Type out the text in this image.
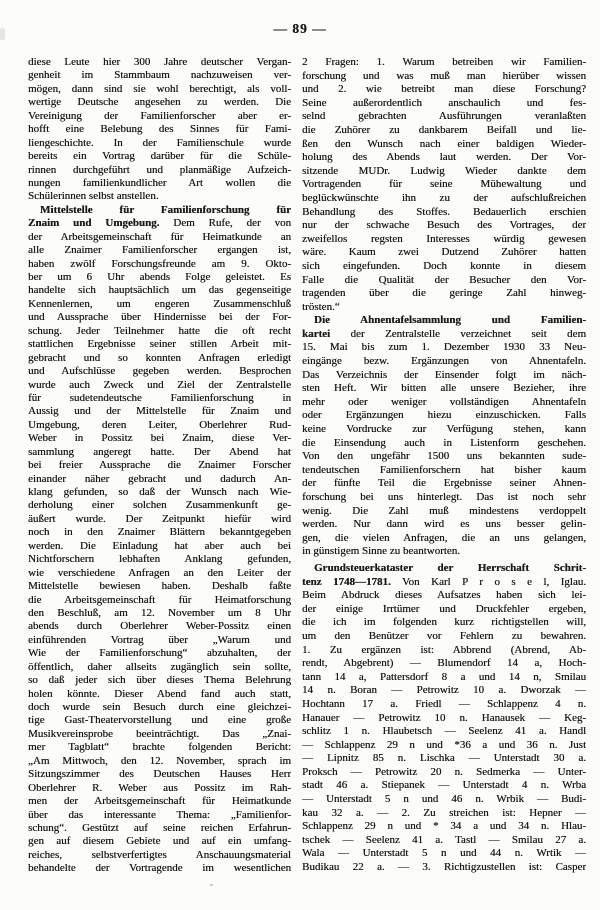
— 89 —
diese Leute hier 300 Jahre deutscher Vergan-
genheit im Stammbaum nachzuweisen ver-
mögen, dann sind sie wohl berechtigt, als voll-
wertige Deutsche angesehen zu werden. Die
Vereinigung der Familienforscher aber er-
hofft eine Belebung des Sinnes für Fami-
liengeschichte. In der Familienschule wurde
bereits ein Vortrag darüber für die Schüle-
rinnen durchgeführt und planmäßige Aufzeich-
nungen familienkundlicher Art wollen die
Schülerinnen selbst anstellen.
Mittelstelle für Familienforschung für
Znaim und Umgebung. Dem Rufe, der von
der Arbeitsgemeinschaft für Heimatkunde an
alle Znaimer Familienforscher ergangen ist,
haben zwölf Forschungsfreunde am 9. Okto-
ber um 6 Uhr abends Folge geleistet. Es
handelte sich hauptsächlich um das gegenseitige
Kennenlernen, um engeren Zusammenschluß
und Aussprache über Hindernisse bei der For-
schung. Jeder Teilnehmer hatte die oft recht
stattlichen Ergebnisse seiner stillen Arbeit mit-
gebracht und so konnten Anfragen erledigt
und Aufschlüsse gegeben werden. Besprochen
wurde auch Zweck und Ziel der Zentralstelle
für sudetendeutsche Familienforschung in
Aussig und der Mittelstelle für Znaim und
Umgebung, deren Leiter, Oberlehrer Rud-
Weber in Possitz bei Znaim, diese Ver-
sammlung angeregt hatte. Der Abend hat
bei freier Aussprache die Znaimer Forscher
einander näher gebracht und dadurch An-
klang gefunden, so daß der Wunsch nach Wie-
derholung einer solchen Zusammenkunft ge-
äußert wurde. Der Zeitpunkt hiefür wird
noch in den Znaimer Blättern bekanntgegeben
werden. Die Einladung hat aber auch bei
Nichtforschern lebhaften Anklang gefunden,
wie verschiedene Anfragen an den Leiter der
Mittelstelle bewiesen haben. Deshalb faßte
die Arbeitsgemeinschaft für Heimatforschung
den Beschluß, am 12. November um 8 Uhr
abends durch Oberlehrer Weber-Possitz einen
einführenden Vortrag über „Warum und
Wie der Familienforschung“ abzuhalten, der
öffentlich, daher allseits zugänglich sein sollte,
so daß jeder sich über dieses Thema Belehrung
holen könnte. Dieser Abend fand auch statt,
doch wurde sein Besuch durch eine gleichzei-
tige Gast-Theatervorstellung und eine große
Musikvereinsprobe beeinträchtigt. Das „Znai-
mer Tagblatt“ brachte folgenden Bericht:
„Am Mittwoch, den 12. November, sprach im
Sitzungszimmer des Deutschen Hauses Herr
Oberlehrer R. Weber aus Possitz im Rah-
men der Arbeitsgemeinschaft für Heimatkunde
über das interessante Thema: „Familienfor-
schung“. Gestützt auf seine reichen Erfahrun-
gen auf diesem Gebiete und auf ein umfang-
reiches, selbstverfertigtes Anschauungsmaterial
behandelte der Vortragende im wesentlichen
2 Fragen: 1. Warum betreiben wir Familien-
forschung und was muß man hierüber wissen
und 2. wie betreibt man diese Forschung?
Seine außerordentlich anschaulich und fes-
selnd gebrachten Ausführungen veranlaßten
die Zuhörer zu dankbarem Beifall und lie-
ßen den Wunsch nach einer baldigen Wieder-
holung des Abends laut werden. Der Vor-
sitzende MUDr. Ludwig Wieder dankte dem
Vortragenden für seine Mühewaltung und
beglückwünschte ihn zu der aufschlußreichen
Behandlung des Stoffes. Bedauerlich erschien
nur der schwache Besuch des Vortrages, der
zweifellos regsten Interesses würdig gewesen
wäre. Kaum zwei Dutzend Zuhörer hatten
sich eingefunden. Doch konnte in diesem
Falle die Qualität der Besucher den Vor-
tragenden über die geringe Zahl hinweg-
trösten.“
Die Ahnentafelsammlung und Familien-
kartei der Zentralstelle verzeichnet seit dem
15. Mai bis zum 1. Dezember 1930 33 Neu-
eingänge bezw. Ergänzungen von Ahnentafeln.
Das Verzeichnis der Einsender folgt im näch-
sten Heft. Wir bitten alle unsere Bezieher, ihre
mehr oder weniger vollständigen Ahnentafeln
oder Ergänzungen hiezu einzuschicken. Falls
keine Vordrucke zur Verfügung stehen, kann
die Einsendung auch in Listenform geschehen.
Von den ungefähr 1500 uns bekannten sude-
tendeutschen Familienforschern hat bisher kaum
der fünfte Teil die Ergebnisse seiner Ahnen-
forschung bei uns hinterlegt. Das ist noch sehr
wenig. Die Zahl muß mindestens verdoppelt
werden. Nur dann wird es uns besser gelin-
gen, die vielen Anfragen, die an uns gelangen,
in günstigem Sinne zu beantworten.
Grundsteuerkataster der Herrschaft Schrit-
tenz 1748—1781. Von Karl P r o s e l, Iglau.
Beim Abdruck dieses Aufsatzes haben sich lei-
der einige Irrtümer und Druckfehler ergeben,
die ich im folgenden kurz richtigstellen will,
um den Benützer vor Fehlern zu bewahren.
1. Zu ergänzen ist: Abbrend (Abrend, Ab-
rendt, Abgebrent) — Blumendorf 14 a, Hoch-
tann 14 a, Pattersdorf 8 a und 14 n, Smilau
14 n. Boran — Petrowitz 10 a. Dworzak —
Hochtann 17 a. Friedl — Schlappenz 4 n.
Hanauer — Petrowitz 10 n. Hanausek — Keg-
schlitz 1 n. Hlaubetsch — Seelenz 41 a. Handl
— Schlappenz 29 n und *36 a und 36 n. Just
— Lipnitz 85 n. Lischka — Unterstadt 30 a.
Proksch — Petrowitz 20 n. Sedmerka — Unter-
stadt 46 a. Stiepanek — Unterstadt 4 n. Wrba
— Unterstadt 5 n und 46 n. Wrbik — Budi-
kau 32 a. — 2. Zu streichen ist: Hepner —
Schlappenz 29 n und * 34 a und 34 n. Hlau-
tschek — Seelenz 41 a. Tastl — Smilau 27 a.
Wala — Unterstadt 5 n und 44 n. Wrtik —
Budikau 22 a. — 3. Richtigzustellen ist: Casper
